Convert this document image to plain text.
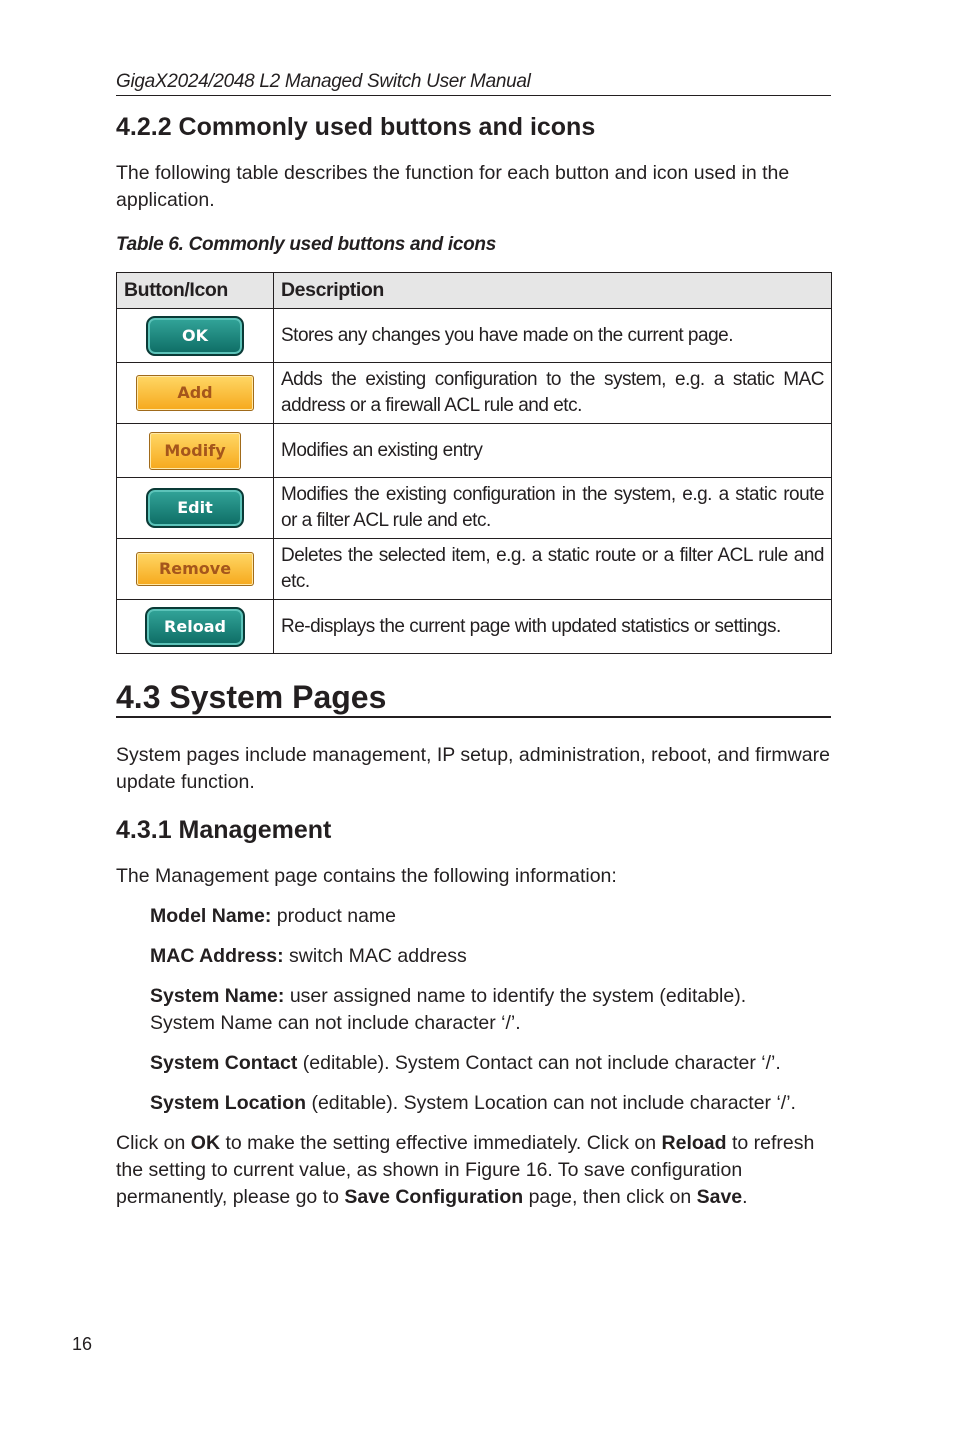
GigaX2024/2048 L2 Managed Switch User Manual
4.2.2 Commonly used buttons and icons

The following table describes the function for each button and icon used in the application.

Table 6. Commonly used buttons and icons
Button/Icon	Description
OK	Stores any changes you have made on the current page.
Add	Adds the existing configuration to the system, e.g. a static MAC address or a firewall ACL rule and etc.
Modify	Modifies an existing entry
Edit	Modifies the existing configuration in the system, e.g. a static route or a filter ACL rule and etc.
Remove	Deletes the selected item, e.g. a static route or a filter ACL rule and etc.
Reload	Re-displays the current page with updated statistics or settings.
4.3 System Pages

System pages include management, IP setup, administration, reboot, and firmware update function.

4.3.1 Management

The Management page contains the following information:

Model Name: product name

MAC Address: switch MAC address

System Name: user assigned name to identify the system (editable). System Name can not include character ‘/’.

System Contact (editable). System Contact can not include character ‘/’.

System Location (editable). System Location can not include character ‘/’.

Click on OK to make the setting effective immediately. Click on Reload to refresh the setting to current value, as shown in Figure 16. To save configuration permanently, please go to Save Configuration page, then click on Save.

16
